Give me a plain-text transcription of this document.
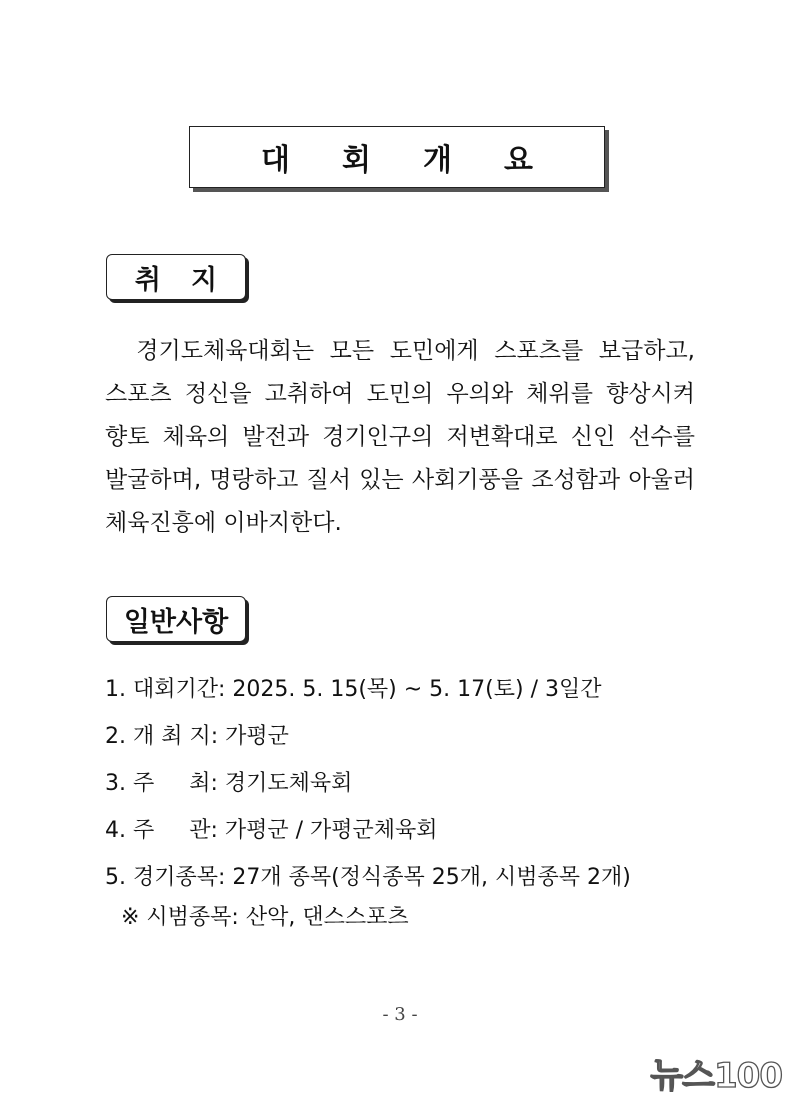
대회개요
취지
경기도체육대회는 모든 도민에게 스포츠를 보급하고,
스포츠 정신을 고취하여 도민의 우의와 체위를 향상시켜
향토 체육의 발전과 경기인구의 저변확대로 신인 선수를
발굴하며, 명랑하고 질서 있는 사회기풍을 조성함과 아울러
체육진흥에 이바지한다.
일반사항
1. 대회기간: 2025. 5. 15(목) ~ 5. 17(토) / 3일간
2. 개 최 지: 가평군
3. 주     최: 경기도체육회
4. 주     관: 가평군 / 가평군체육회
5. 경기종목: 27개 종목(정식종목 25개, 시범종목 2개)
※ 시범종목: 산악, 댄스스포츠
- 3 -
뉴스100
